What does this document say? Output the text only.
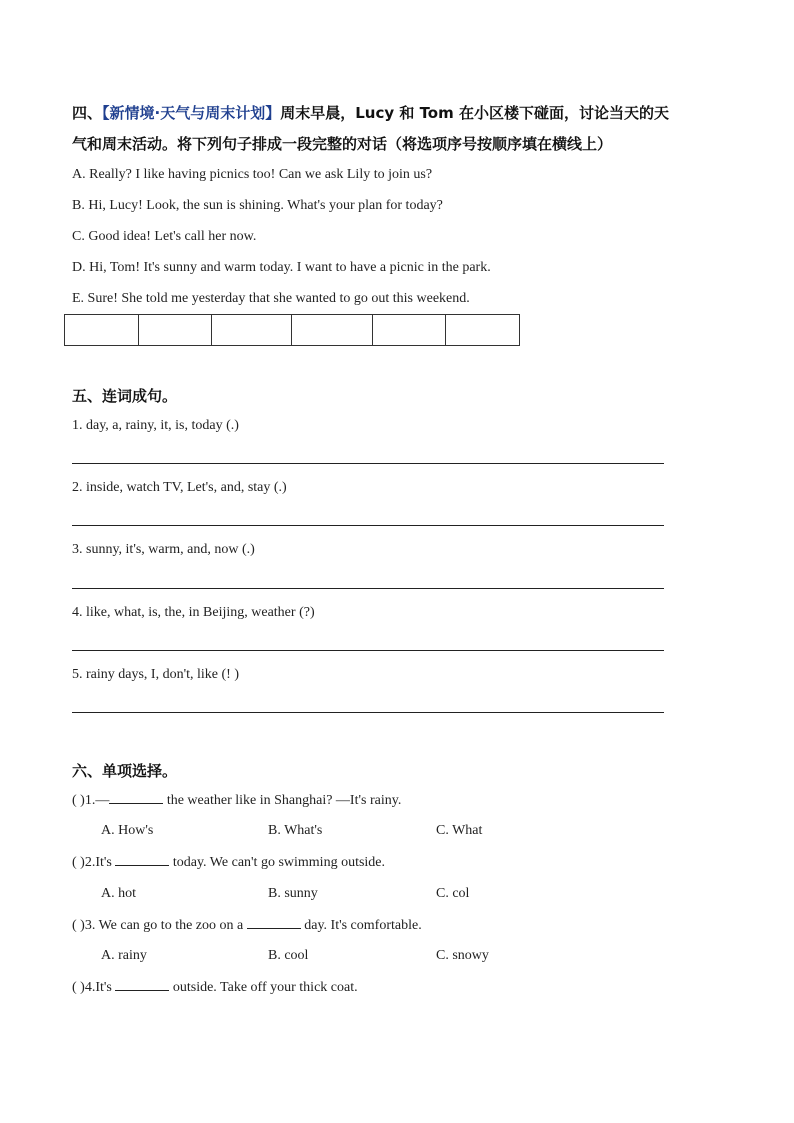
四、【新情境·天气与周末计划】周末早晨，Lucy 和 Tom 在小区楼下碰面，讨论当天的天
气和周末活动。将下列句子排成一段完整的对话（将选项序号按顺序填在横线上）
A. Really? I like having picnics too! Can we ask Lily to join us?
B. Hi, Lucy! Look, the sun is shining. What's your plan for today?
C. Good idea! Let's call her now.
D. Hi, Tom! It's sunny and warm today. I want to have a picnic in the park.
E. Sure! She told me yesterday that she wanted to go out this weekend.

五、连词成句。
1. day, a, rainy, it, is, today (.)
2. inside, watch TV, Let's, and, stay (.)
3. sunny, it's, warm, and, now (.)
4. like, what, is, the, in Beijing, weather (?)
5. rainy days, I, don't, like (! )
六、单项选择。
( )1.—	the weather like in Shanghai? —It's rainy.
A. How's	B. What's	C. What
( )2.It's	today. We can't go swimming outside.
A. hot	B. sunny	C. col
( )3. We can go to the zoo on a	day. It's comfortable.
A. rainy	B. cool	C. snowy
( )4.It's	outside. Take off your thick coat.
